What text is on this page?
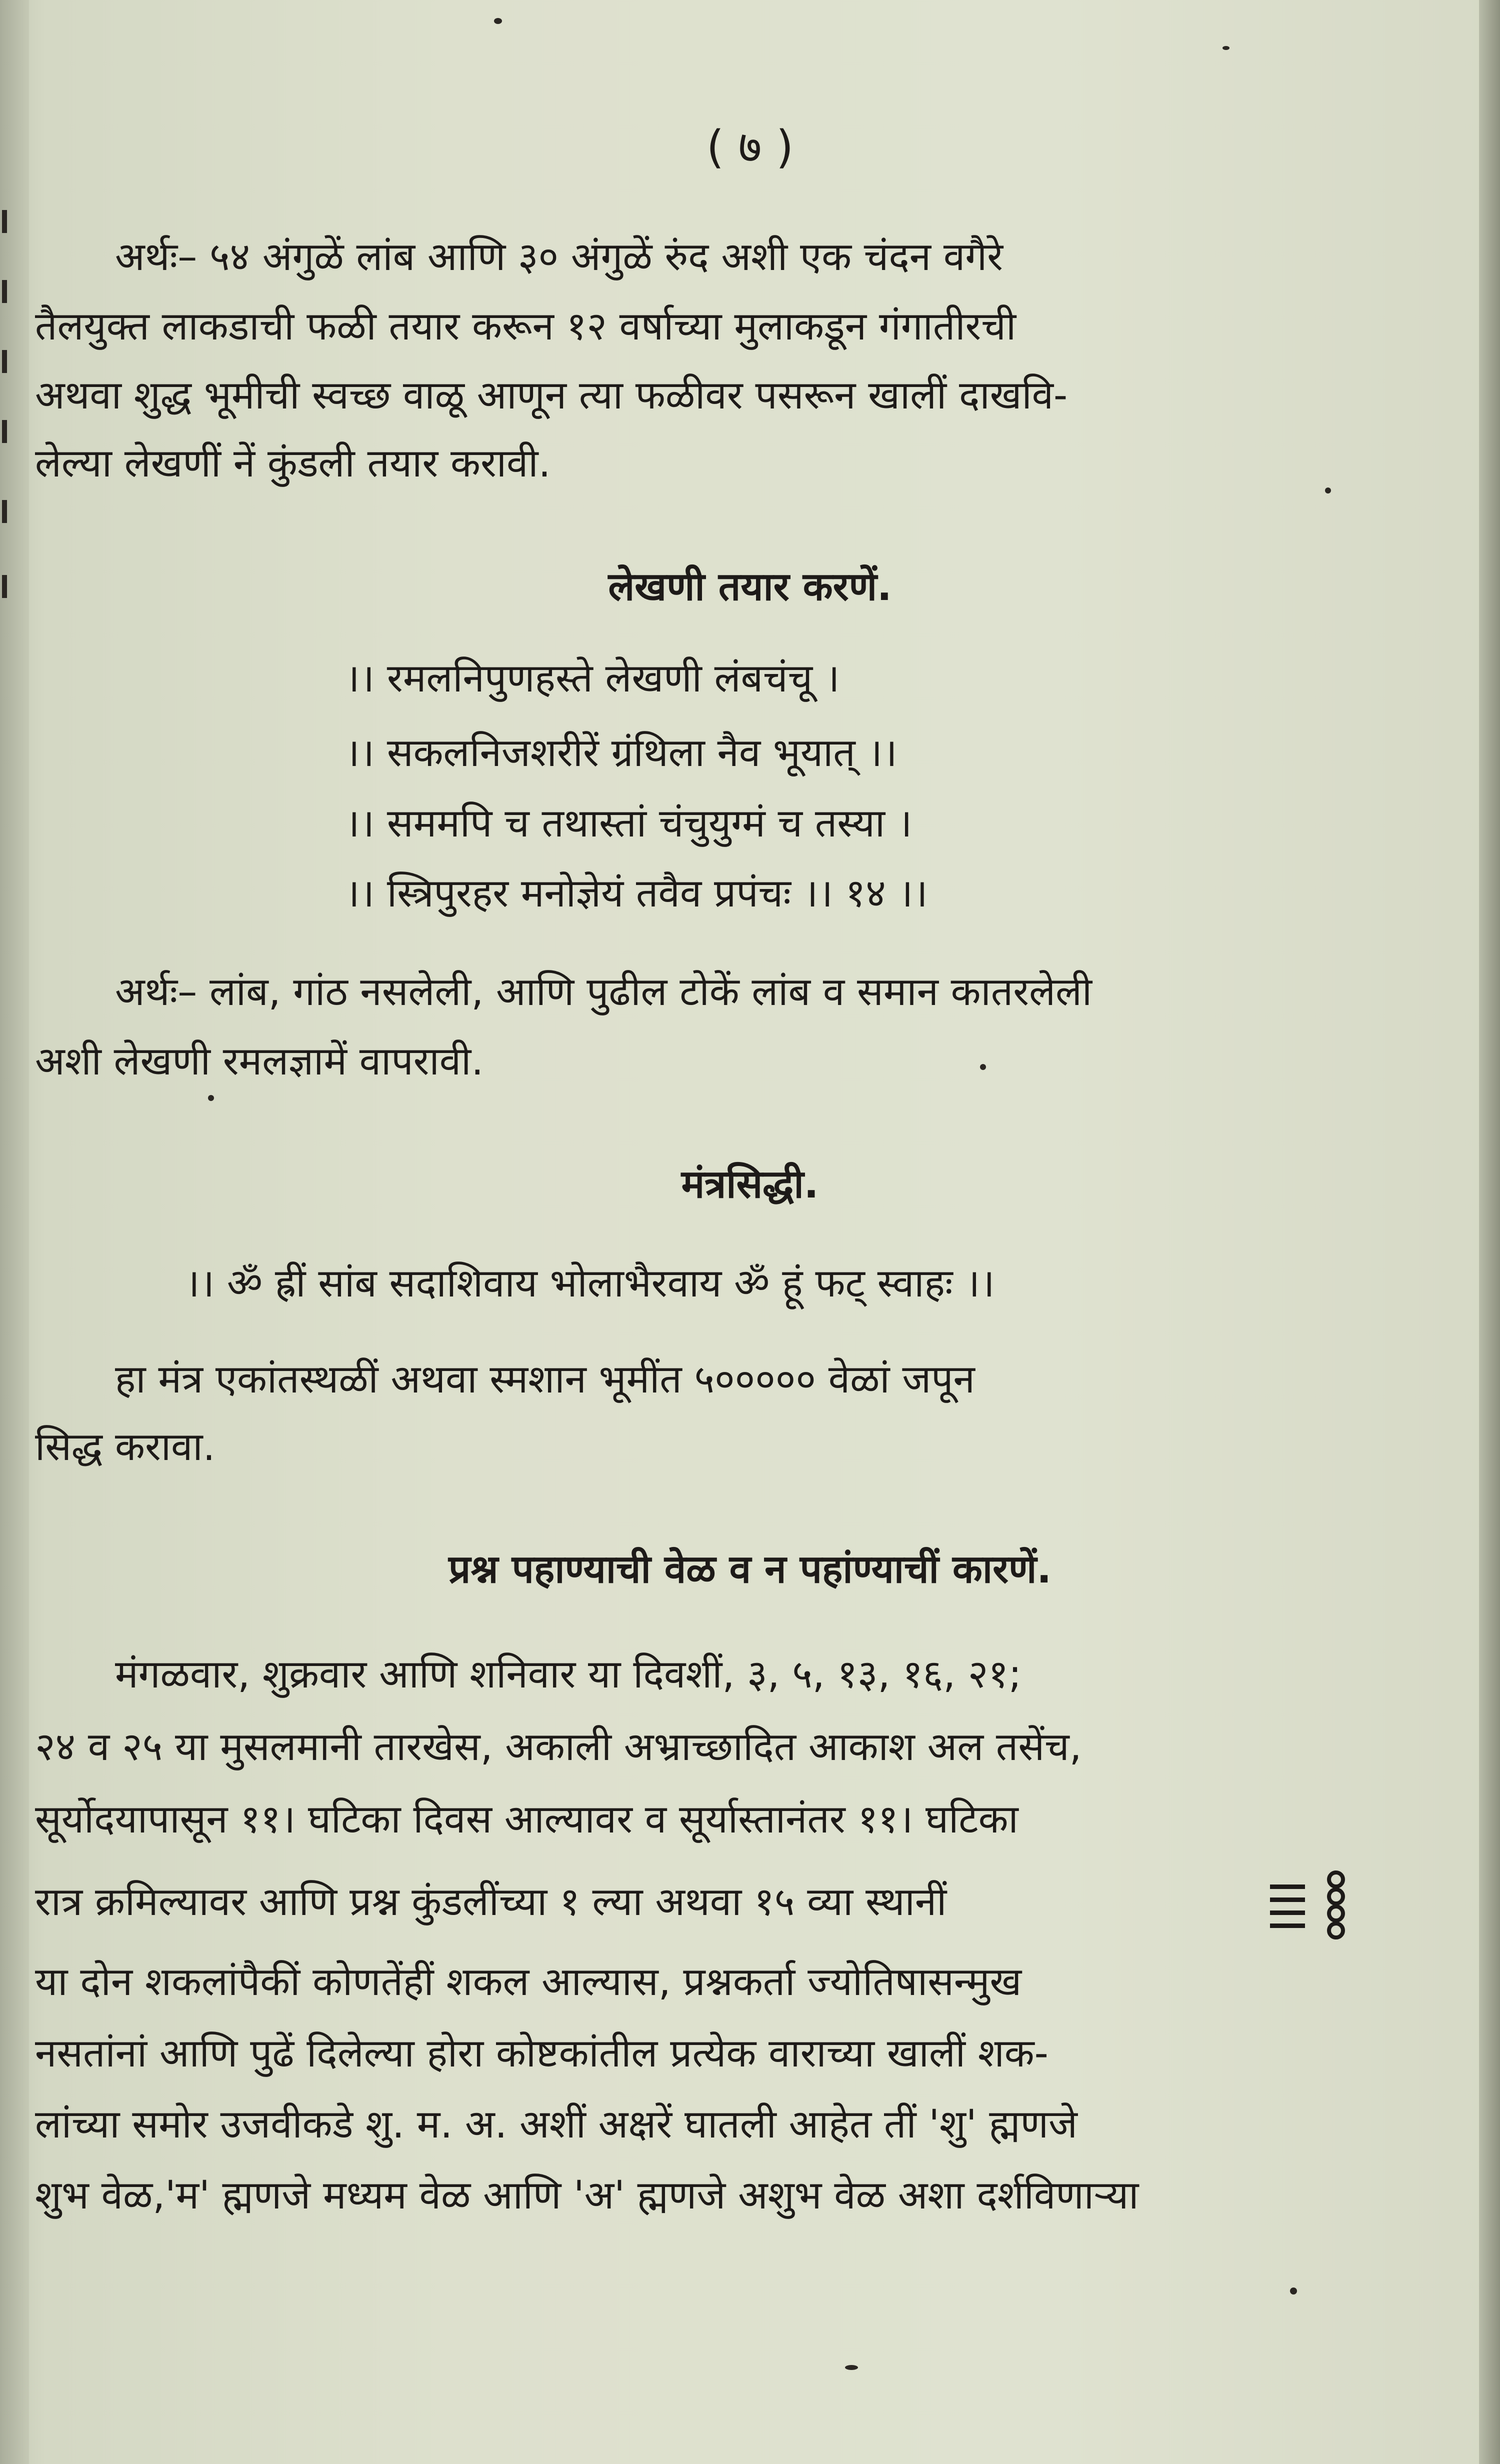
( ७ )
अर्थः– ५४ अंगुळें लांब आणि ३० अंगुळें रुंद अशी एक चंदन वगैरे
तैलयुक्त लाकडाची फळी तयार करून १२ वर्षाच्या मुलाकडून गंगातीरची
अथवा शुद्ध भूमीची स्वच्छ वाळू आणून त्या फळीवर पसरून खालीं दाखवि-
लेल्या लेखणीं नें कुंडली तयार करावी.
लेखणी तयार करणें.
।। रमलनिपुणहस्ते लेखणी लंबचंचू ।
।। सकलनिजशरीरें ग्रंथिला नैव भूयात् ।।
।। सममपि च तथास्तां चंचुयुग्मं च तस्या ।
।। स्त्रिपुरहर मनोज्ञेयं तवैव प्रपंचः ।। १४ ।।
अर्थः– लांब, गांठ नसलेली, आणि पुढील टोकें लांब व समान कातरलेली
अशी लेखणी रमलज्ञामें वापरावी.
मंत्रसिद्धी.
।। ॐ ह्रीं सांब सदाशिवाय भोलाभैरवाय ॐ हूं फट् स्वाहः ।।
हा मंत्र एकांतस्थळीं अथवा स्मशान भूमींत ५००००० वेळां जपून
सिद्ध करावा.
प्रश्न पहाण्याची वेळ व न पहांण्याचीं कारणें.
मंगळवार, शुक्रवार आणि शनिवार या दिवशीं, ३, ५, १३, १६, २१;
२४ व २५ या मुसलमानी तारखेस, अकाली अभ्राच्छादित आकाश अल तसेंच,
सूर्योदयापासून ११। घटिका दिवस आल्यावर व सूर्यास्तानंतर ११। घटिका
रात्र क्रमिल्यावर आणि प्रश्न कुंडलींच्या १ ल्या अथवा १५ व्या स्थानीं
या दोन शकलांपैकीं कोणतेंहीं शकल आल्यास, प्रश्नकर्ता ज्योतिषासन्मुख
नसतांनां आणि पुढें दिलेल्या होरा कोष्टकांतील प्रत्येक वाराच्या खालीं शक-
लांच्या समोर उजवीकडे शु. म. अ. अशीं अक्षरें घातली आहेत तीं 'शु' ह्मणजे
शुभ वेळ,'म' ह्मणजे मध्यम वेळ आणि 'अ' ह्मणजे अशुभ वेळ अशा दर्शविणाऱ्या
